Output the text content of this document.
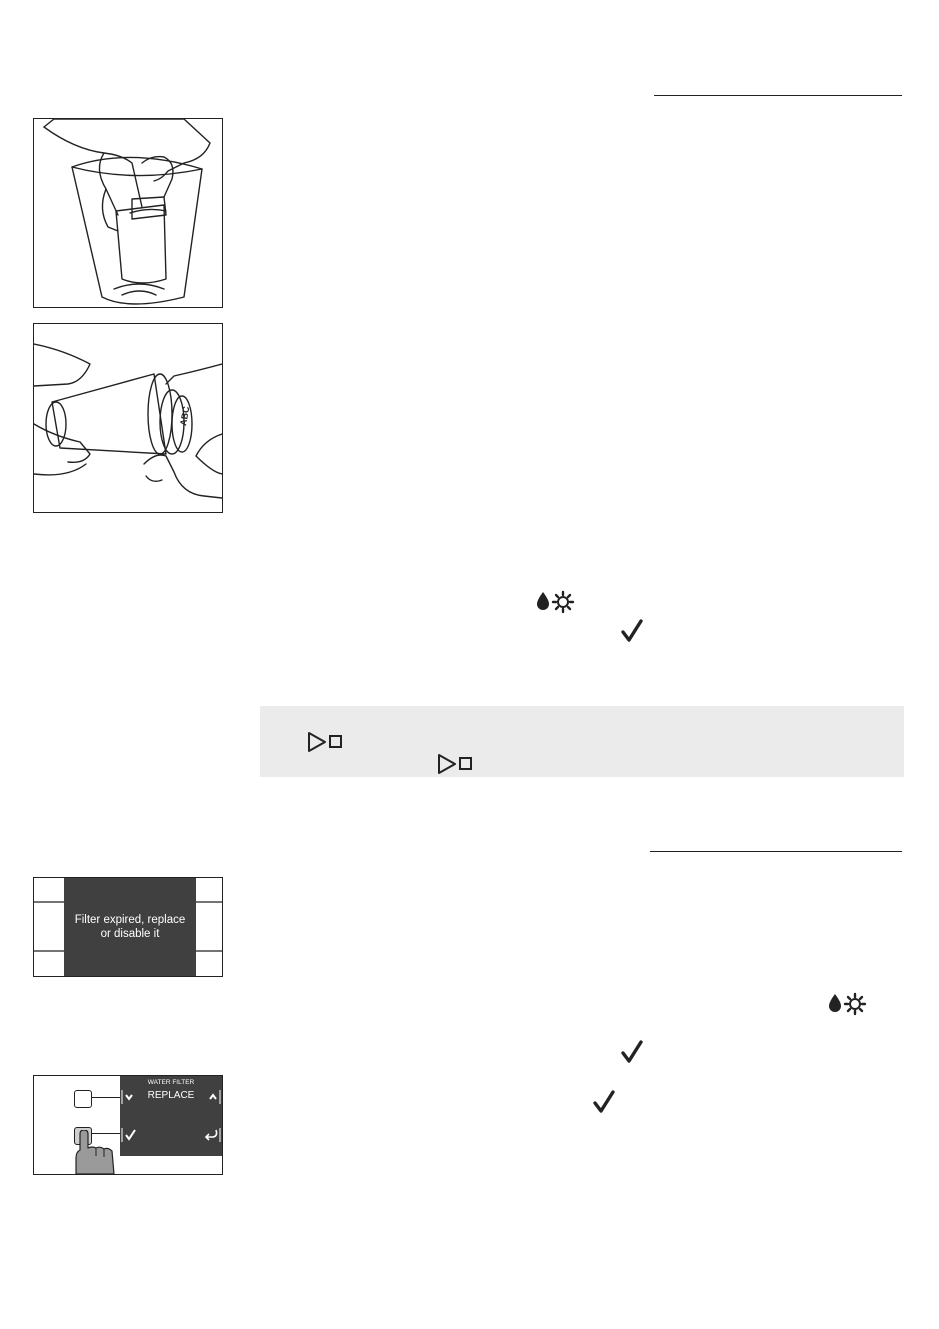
ABC
Filter expired, replace
or disable it
WATER FILTER
REPLACE
